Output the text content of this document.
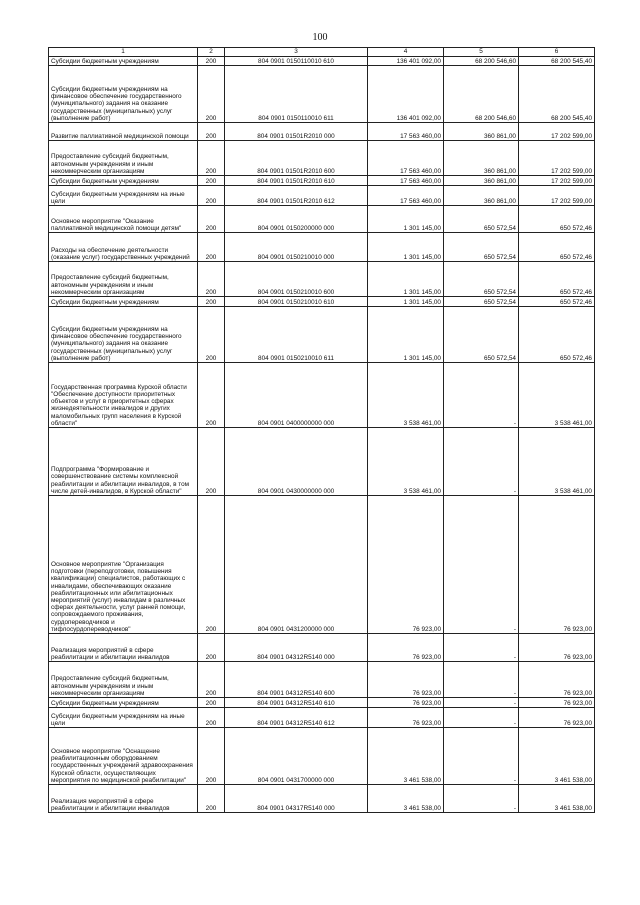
100
1	2	3	4	5	6
Субсидии бюджетным учреждениям	200	804 0901 0150110010 610	136 401 092,00	68 200 546,60	68 200 545,40
Субсидии бюджетным учреждениям на финансовое обеспечение государственного (муниципального) задания на оказание государственных (муниципальных) услуг (выполнение работ)	200	804 0901 0150110010 611	136 401 092,00	68 200 546,60	68 200 545,40
Развитие паллиативной медицинской помощи	200	804 0901 01501R2010 000	17 563 460,00	360 861,00	17 202 599,00
Предоставление субсидий бюджетным, автономным учреждениям и иным некоммерческим организациям	200	804 0901 01501R2010 600	17 563 460,00	360 861,00	17 202 599,00
Субсидии бюджетным учреждениям	200	804 0901 01501R2010 610	17 563 460,00	360 861,00	17 202 599,00
Субсидии бюджетным учреждениям на иные цели	200	804 0901 01501R2010 612	17 563 460,00	360 861,00	17 202 599,00
Основное мероприятие "Оказание паллиативной медицинской помощи детям"	200	804 0901 0150200000 000	1 301 145,00	650 572,54	650 572,46
Расходы на обеспечение деятельности (оказание услуг) государственных учреждений	200	804 0901 0150210010 000	1 301 145,00	650 572,54	650 572,46
Предоставление субсидий бюджетным, автономным учреждениям и иным некоммерческим организациям	200	804 0901 0150210010 600	1 301 145,00	650 572,54	650 572,46
Субсидии бюджетным учреждениям	200	804 0901 0150210010 610	1 301 145,00	650 572,54	650 572,46
Субсидии бюджетным учреждениям на финансовое обеспечение государственного (муниципального) задания на оказание государственных (муниципальных) услуг (выполнение работ)	200	804 0901 0150210010 611	1 301 145,00	650 572,54	650 572,46
Государственная программа Курской области "Обеспечение доступности приоритетных объектов и услуг в приоритетных сферах жизнедеятельности инвалидов и других маломобильных групп населения в Курской области"	200	804 0901 0400000000 000	3 538 461,00	-	3 538 461,00
Подпрограмма "Формирование и совершенствование системы комплексной реабилитации и абилитации инвалидов, в том числе детей-инвалидов, в Курской области"	200	804 0901 0430000000 000	3 538 461,00	-	3 538 461,00
Основное мероприятие "Организация подготовки (переподготовки, повышения квалификации) специалистов, работающих с инвалидами, обеспечивающих оказание реабилитационных или абилитационных мероприятий (услуг) инвалидам в различных сферах деятельности, услуг ранней помощи, сопровождаемого проживания, сурдопереводчиков и тифлосурдопереводчиков"	200	804 0901 0431200000 000	76 923,00	-	76 923,00
Реализация мероприятий в сфере реабилитации и абилитации инвалидов	200	804 0901 04312R5140 000	76 923,00	-	76 923,00
Предоставление субсидий бюджетным, автономным учреждениям и иным некоммерческим организациям	200	804 0901 04312R5140 600	76 923,00	-	76 923,00
Субсидии бюджетным учреждениям	200	804 0901 04312R5140 610	76 923,00	-	76 923,00
Субсидии бюджетным учреждениям на иные цели	200	804 0901 04312R5140 612	76 923,00	-	76 923,00
Основное мероприятие "Оснащение реабилитационным оборудованием государственных учреждений здравоохранения Курской области, осуществляющих мероприятия по медицинской реабилитации"	200	804 0901 0431700000 000	3 461 538,00	-	3 461 538,00
Реализация мероприятий в сфере реабилитации и абилитации инвалидов	200	804 0901 04317R5140 000	3 461 538,00	-	3 461 538,00
